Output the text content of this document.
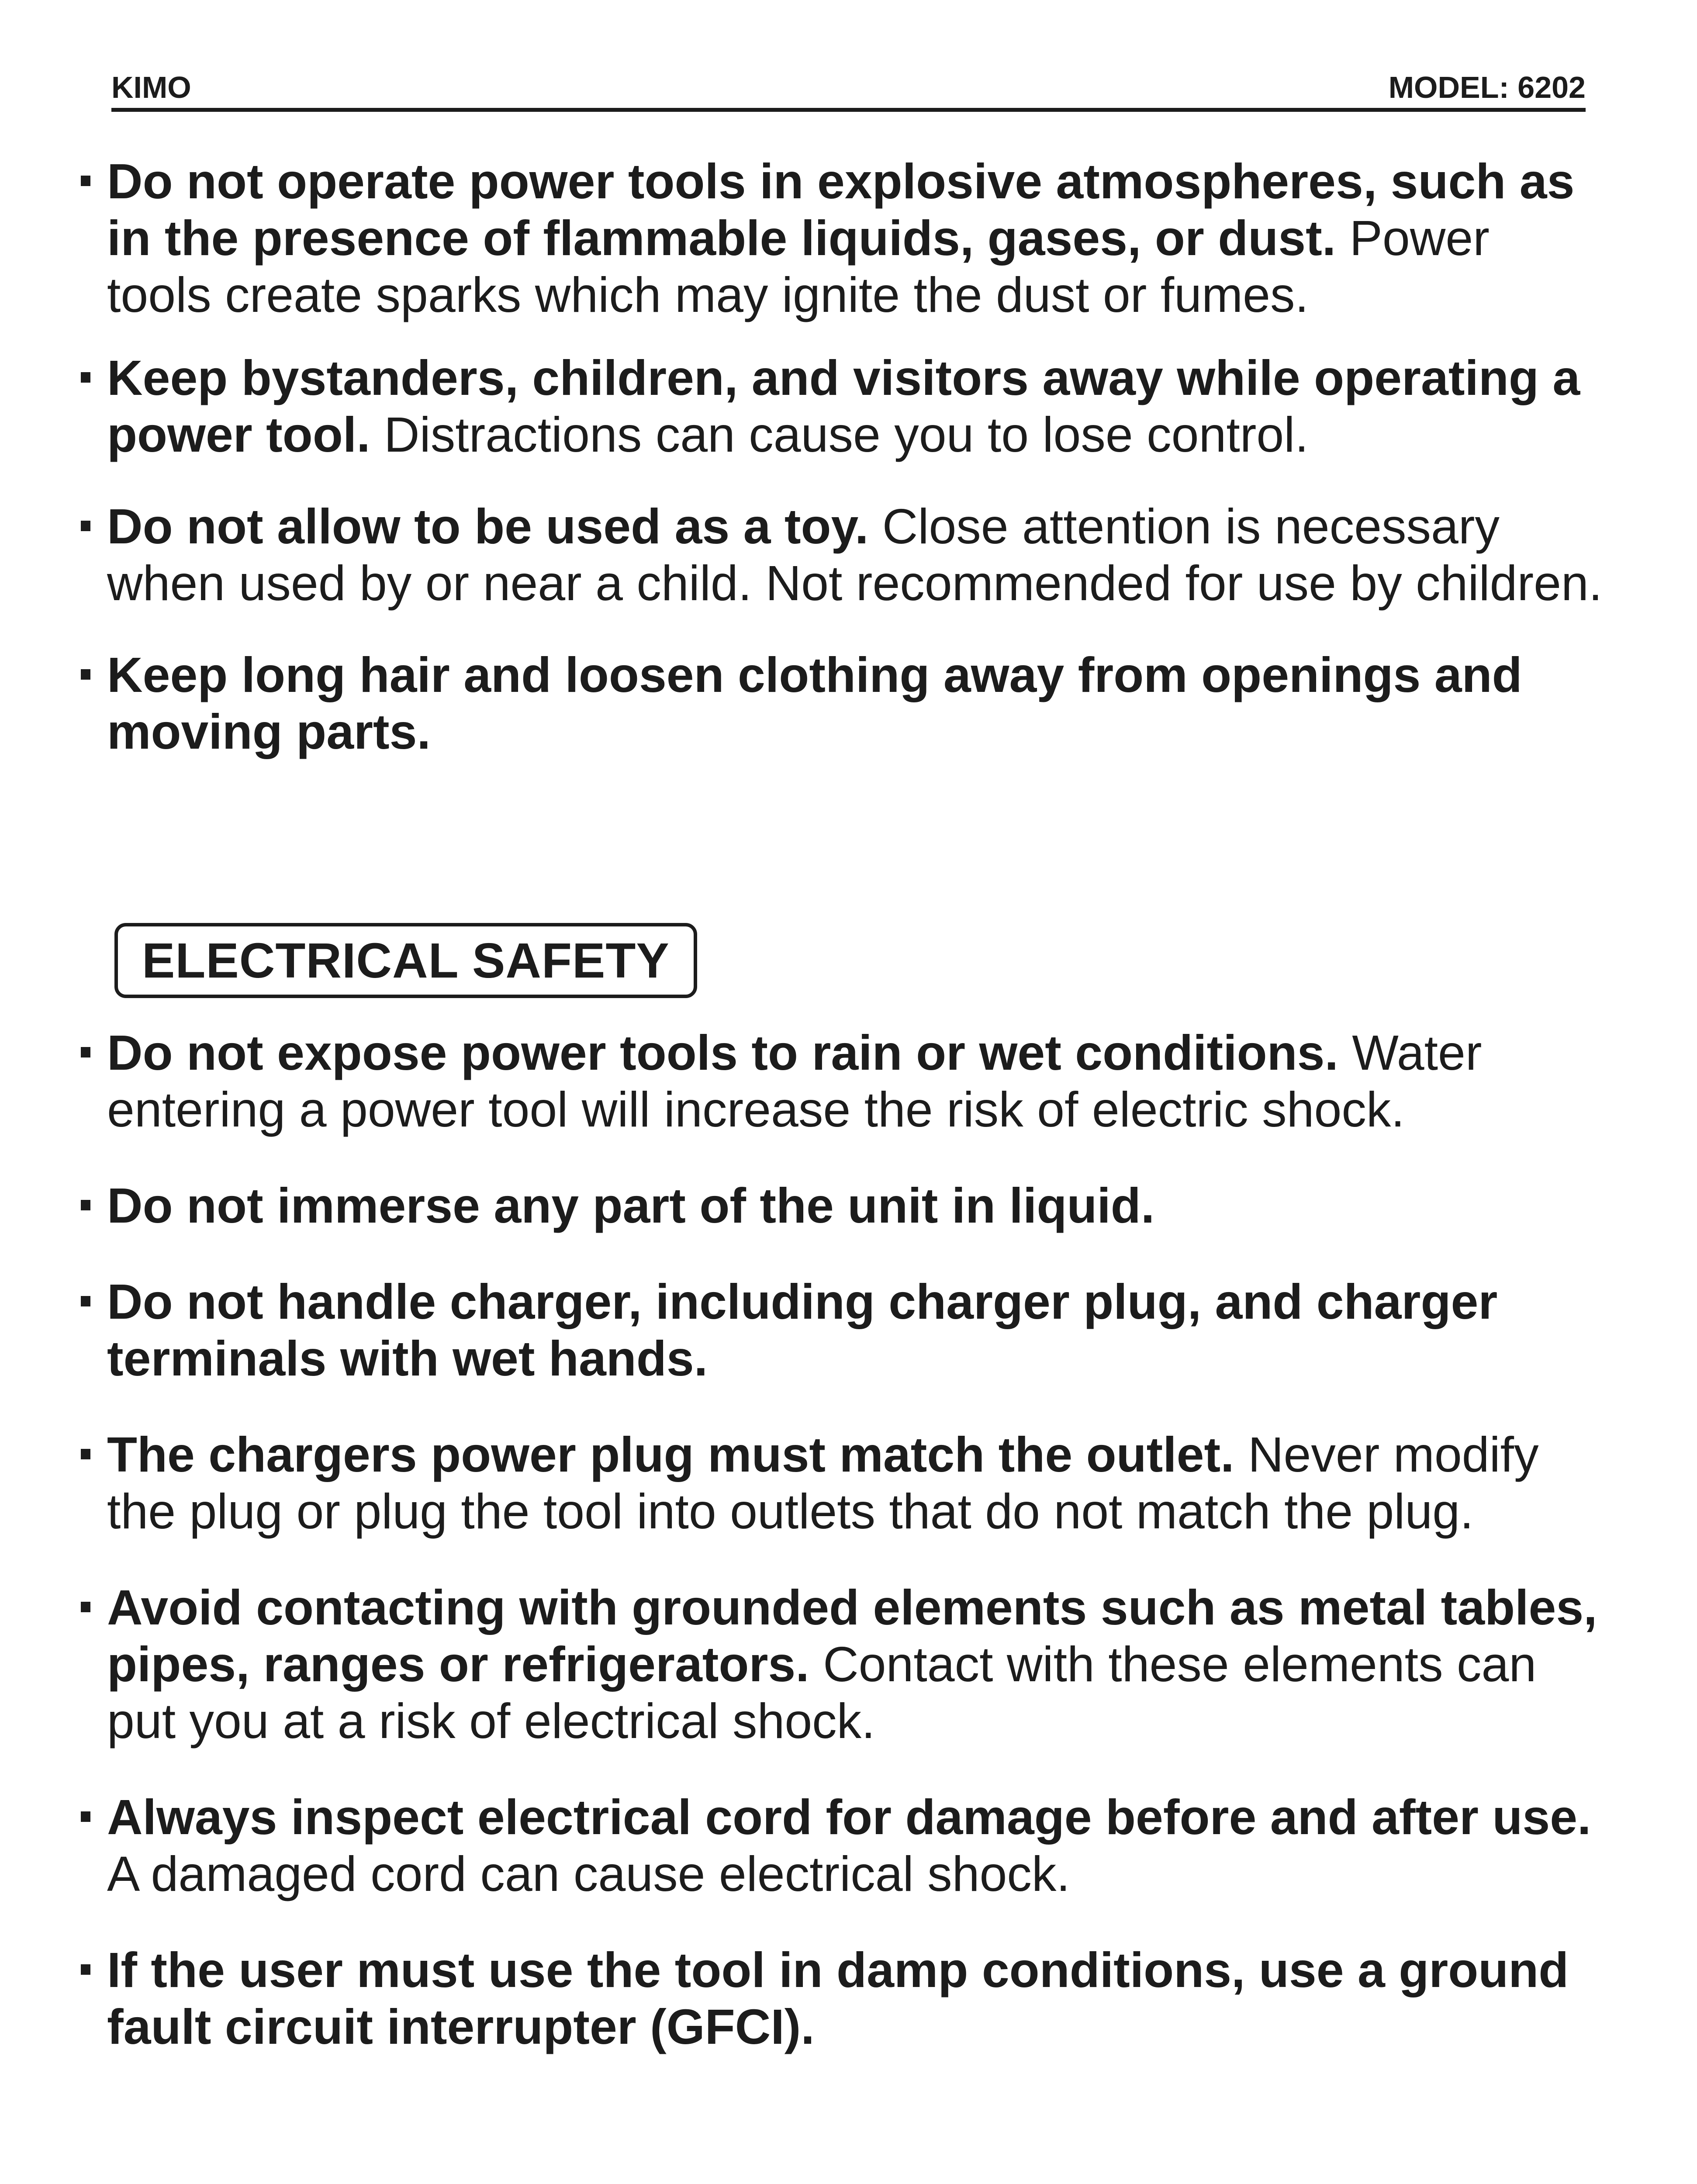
KIMO	MODEL: 6202

Do not operate power tools in explosive atmospheres, such as in the presence of flammable liquids, gases, or dust. Power tools create sparks which may ignite the dust or fumes.

Keep bystanders, children, and visitors away while operating a power tool. Distractions can cause you to lose control.

Do not allow to be used as a toy. Close attention is necessary when used by or near a child. Not recommended for use by children.

Keep long hair and loosen clothing away from openings and moving parts.

ELECTRICAL SAFETY

Do not expose power tools to rain or wet conditions. Water entering a power tool will increase the risk of electric shock.

Do not immerse any part of the unit in liquid.

Do not handle charger, including charger plug, and charger terminals with wet hands.

The chargers power plug must match the outlet. Never modify the plug or plug the tool into outlets that do not match the plug.

Avoid contacting with grounded elements such as metal tables, pipes, ranges or refrigerators. Contact with these elements can put you at a risk of electrical shock.

Always inspect electrical cord for damage before and after use. A damaged cord can cause electrical shock.

If the user must use the tool in damp conditions, use a ground fault circuit interrupter (GFCI).
